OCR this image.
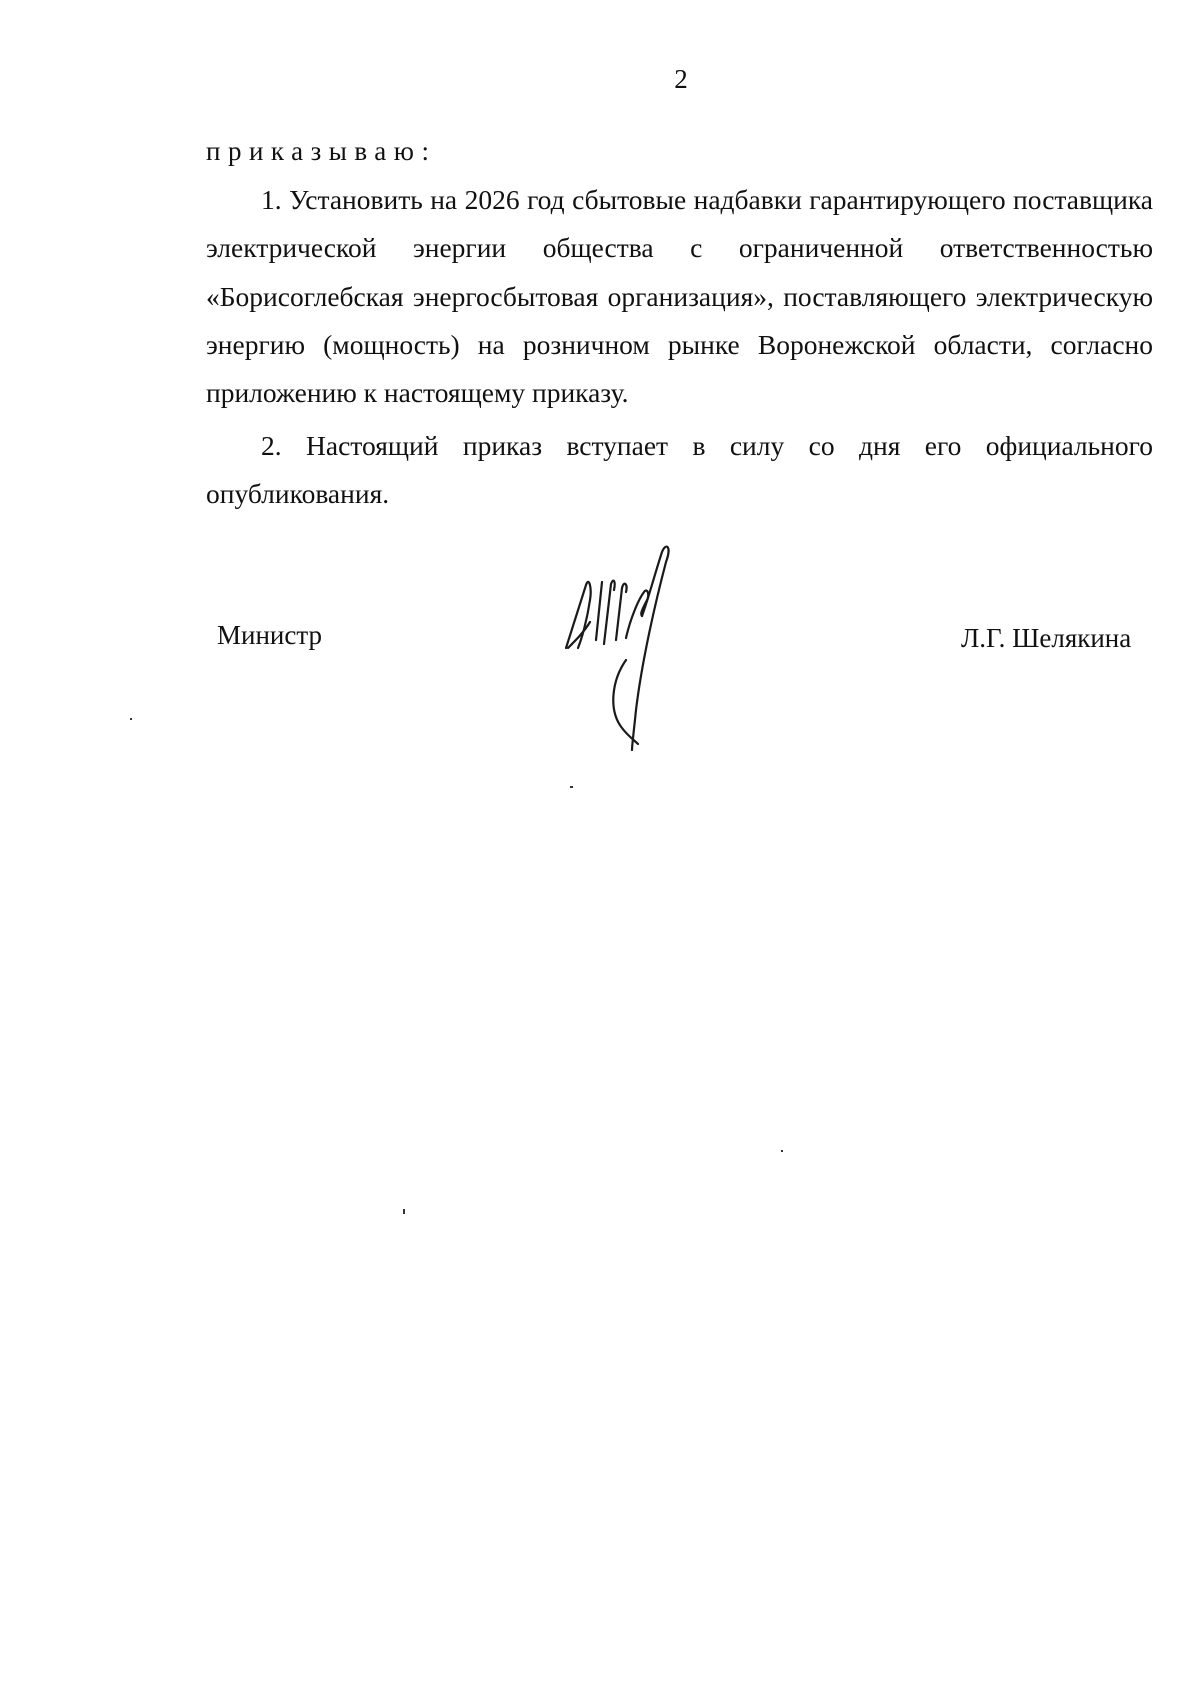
2
приказываю:

1. Установить на 2026 год сбытовые надбавки гарантирующего поставщика электрической энергии общества с ограниченной ответственностью «Борисоглебская энергосбытовая организация», поставляющего электрическую энергию (мощность) на розничном рынке Воронежской области, согласно приложению к настоящему приказу.

2. Настоящий приказ вступает в силу со дня его официального опубликования.

Министр	Л.Г. Шелякина
